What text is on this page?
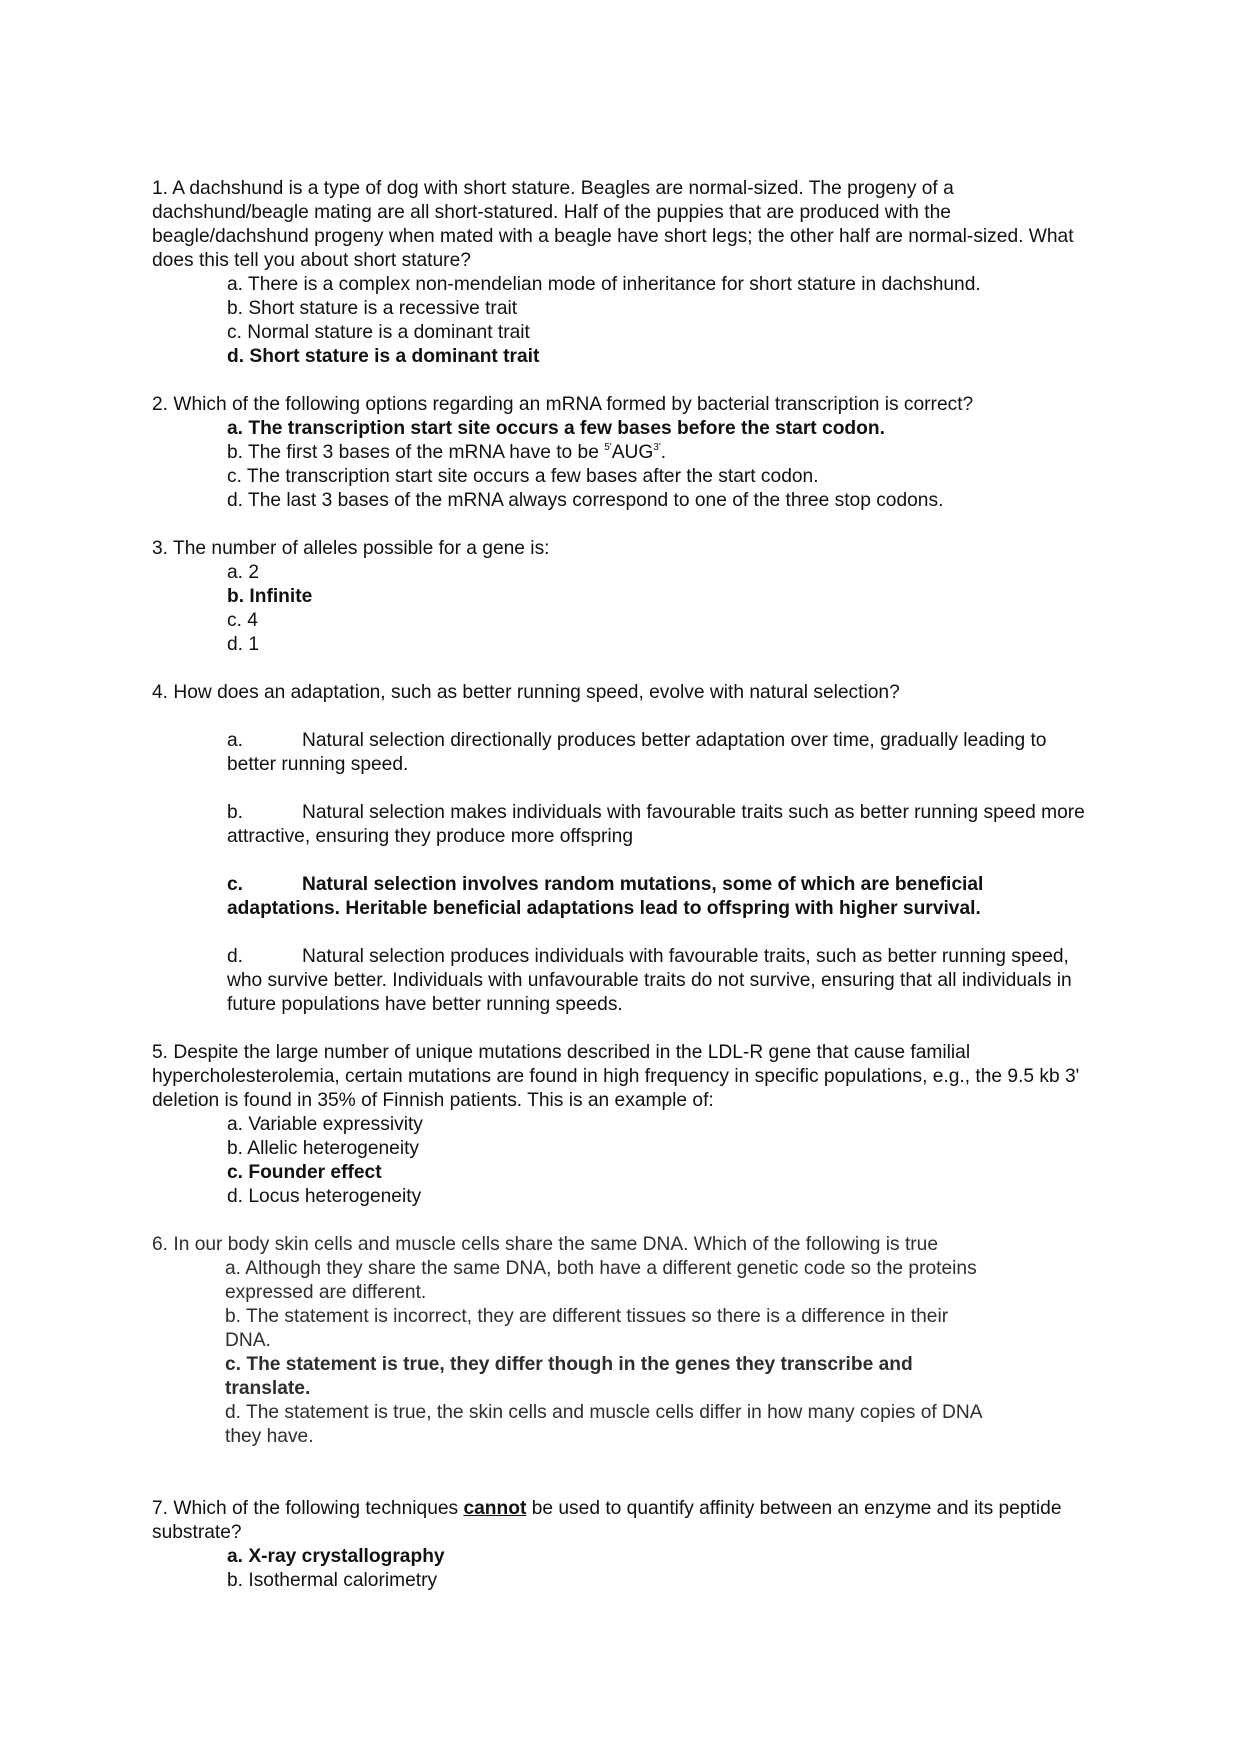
1. A dachshund is a type of dog with short stature. Beagles are normal-sized. The progeny of a dachshund/beagle mating are all short-statured. Half of the puppies that are produced with the beagle/dachshund progeny when mated with a beagle have short legs; the other half are normal-sized. What does this tell you about short stature?

a. There is a complex non-mendelian mode of inheritance for short stature in dachshund.
b. Short stature is a recessive trait
c. Normal stature is a dominant trait
d. Short stature is a dominant trait

2. Which of the following options regarding an mRNA formed by bacterial transcription is correct?

a. The transcription start site occurs a few bases before the start codon.
b. The first 3 bases of the mRNA have to be $^{5'}AUG^{3'}$.
c. The transcription start site occurs a few bases after the start codon.
d. The last 3 bases of the mRNA always correspond to one of the three stop codons.

3. The number of alleles possible for a gene is:

a. 2
b. Infinite
c. 4
d. 1

4. How does an adaptation, such as better running speed, evolve with natural selection?

a.	Natural selection directionally produces better adaptation over time, gradually leading to better running speed.

b.	Natural selection makes individuals with favourable traits such as better running speed more attractive, ensuring they produce more offspring

c.	Natural selection involves random mutations, some of which are beneficial adaptations. Heritable beneficial adaptations lead to offspring with higher survival.

d.	Natural selection produces individuals with favourable traits, such as better running speed, who survive better. Individuals with unfavourable traits do not survive, ensuring that all individuals in future populations have better running speeds.

5. Despite the large number of unique mutations described in the LDL-R gene that cause familial hypercholesterolemia, certain mutations are found in high frequency in specific populations, e.g., the 9.5 kb 3' deletion is found in 35% of Finnish patients. This is an example of:

a. Variable expressivity
b. Allelic heterogeneity
c. Founder effect
d. Locus heterogeneity

6. In our body skin cells and muscle cells share the same DNA. Which of the following is true

a. Although they share the same DNA, both have a different genetic code so the proteins expressed are different.
b. The statement is incorrect, they are different tissues so there is a difference in their DNA.
c. The statement is true, they differ though in the genes they transcribe and translate.
d. The statement is true, the skin cells and muscle cells differ in how many copies of DNA they have.

7. Which of the following techniques cannot be used to quantify affinity between an enzyme and its peptide substrate?

a. X-ray crystallography
b. Isothermal calorimetry
